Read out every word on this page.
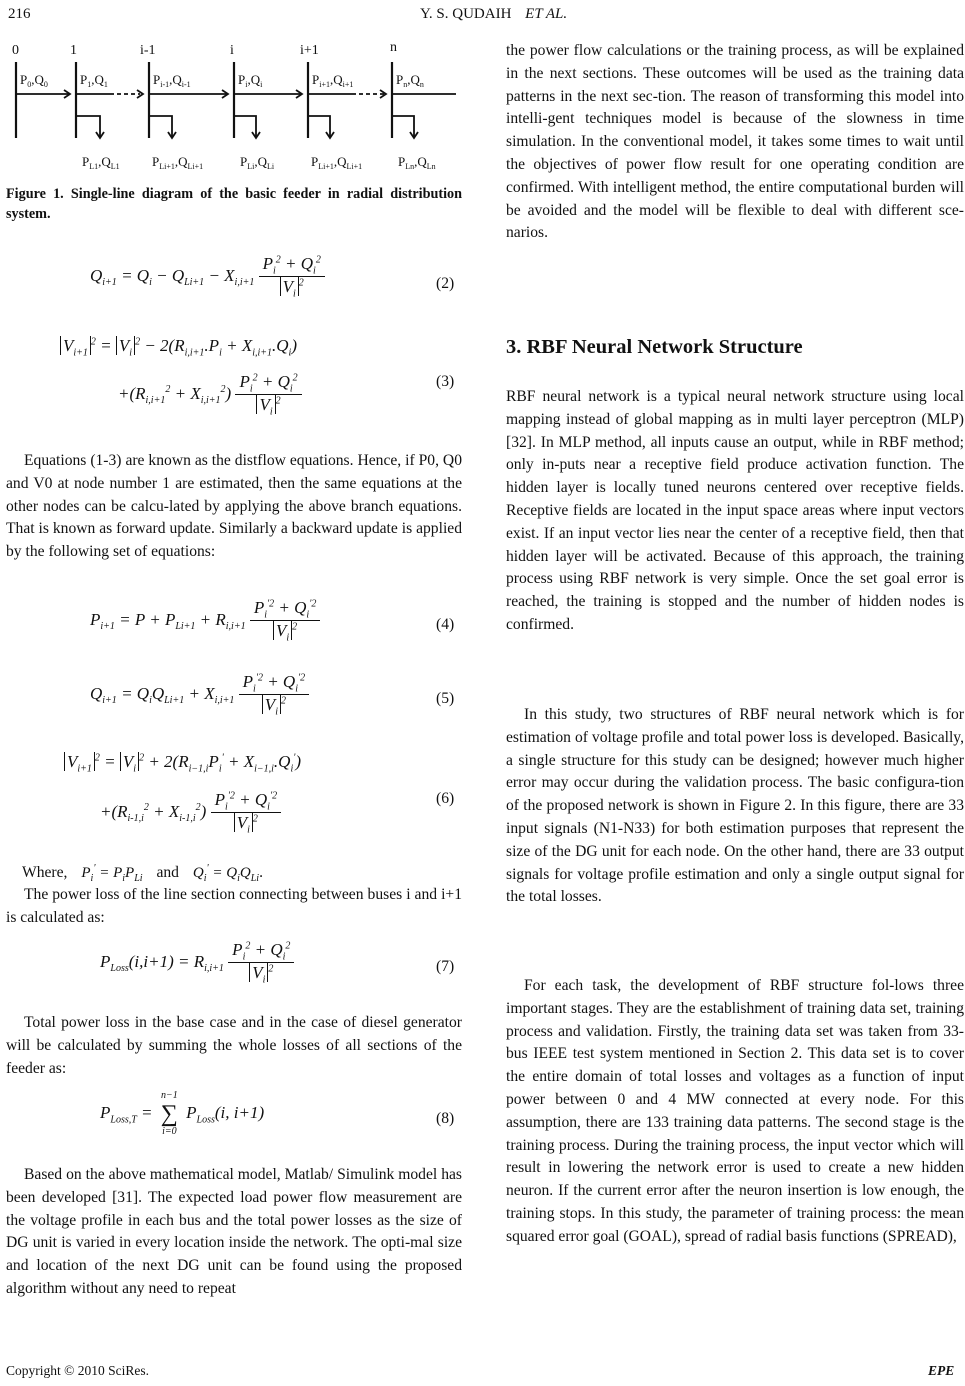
216	Y. S. QUDAIH ET AL.
0	1	i-1	i	i+1	n
$P_0,Q_0$ $P_1,Q_1$	$P_{i-1},Q_{i-1}$	$P_i,Q_i$	$P_{i+1},Q_{i+1}$	$P_n,Q_n$
$P_{L1},Q_{L1}$ $P_{Li+1},Q_{Li+1}$	$P_{Li},Q_{Li}$	$P_{Li+1},Q_{Li+1}$	$P_{Ln},Q_{Ln}$

Figure 1. Single-line diagram of the basic feeder in radial distribution system.

$Q_{i+1} = Q_i - Q_{Li+1} - X_{i,i+1} \frac{P_i^2 + Q_i^2}{V_i^2}$	(2)
$V_{i+1}^2 = V_i^2 - 2(R_{i,i+1}.P_i + X_{i,i+1}.Q_i)$
$+(R_{i,i+1}^2 + X_{i,i+1}^2) \frac{P_i^2 + Q_i^2}{V_i^2}$	(3)

Equations (1-3) are known as the distflow equations. Hence, if P0, Q0 and V0 at node number 1 are estimated, then the same equations at the other nodes can be calcu-lated by applying the above branch equations. That is known as forward update. Similarly a backward update is applied by the following set of equations:

$P_{i+1} = P + P_{Li+1} + R_{i,i+1} \frac{P_i^{'2} + Q_i^{'2}}{V_i^2}$	(4)
$Q_{i+1} = Q_iQ_{Li+1} + X_{i,i+1} \frac{P_i^{'2} + Q_i^{'2}}{V_i^2}$	(5)
$V_{i+1}^2 = V_i^2 + 2(R_{i-1,i}P_i' + X_{i-1,i}.Q_i')$
$+(R_{i-1,i}^2 + X_{i-1,i}^2) \frac{P_i^{'2} + Q_i^{'2}}{V_i^2}$	(6)
Where, $P_i' = P_iP_{Li}$ and $Q_i' = Q_iQ_{Li}$.

The power loss of the line section connecting between buses i and i+1 is calculated as:

$P_{Loss}(i,i+1) = R_{i,i+1} \frac{P_i^2 + Q_i^2}{V_i^2}$	(7)

Total power loss in the base case and in the case of diesel generator will be calculated by summing the whole losses of all sections of the feeder as:

$P_{Loss,T}$ =
n−1
∑
i=0
$P_{Loss}(i$, i+1)	(8)

Based on the above mathematical model, Matlab/ Simulink model has been developed [31]. The expected load power flow measurement are the voltage profile in each bus and the total power losses as the size of DG unit is varied in every location inside the network. The opti-mal size and location of the next DG unit can be found using the proposed algorithm without any need to repeat

the power flow calculations or the training process, as will be explained in the next sections. These outcomes will be used as the training data patterns in the next sec-tion. The reason of transforming this model into intelli-gent techniques model is because of the slowness in time simulation. In the conventional model, it takes some times to wait until the objectives of power flow result for one operating condition are confirmed. With intelligent method, the entire computational burden will be avoided and the model will be flexible to deal with different sce-narios.

3. RBF Neural Network Structure

RBF neural network is a typical neural network structure using local mapping instead of global mapping as in multi layer perceptron (MLP) [32]. In MLP method, all inputs cause an output, while in RBF method; only in-puts near a receptive field produce activation function. The hidden layer is locally tuned neurons centered over receptive fields. Receptive fields are located in the input space areas where input vectors exist. If an input vector lies near the center of a receptive field, then that hidden layer will be activated. Because of this approach, the training process using RBF network is very simple. Once the set goal error is reached, the training is stopped and the number of hidden nodes is confirmed.

In this study, two structures of RBF neural network which is for estimation of voltage profile and total power loss is developed. Basically, a single structure for this study can be designed; however much higher error may occur during the validation process. The basic configura-tion of the proposed network is shown in Figure 2. In this figure, there are 33 input signals (N1-N33) for both estimation purposes that represent the size of the DG unit for each node. On the other hand, there are 33 output signals for voltage profile estimation and only a single output signal for the total losses.

For each task, the development of RBF structure fol-lows three important stages. They are the establishment of training data set, training process and validation. Firstly, the training data set was taken from 33-bus IEEE test system mentioned in Section 2. This data set is to cover the entire domain of total losses and voltages as a function of input power between 0 and 4 MW connected at every node. For this assumption, there are 133 training data patterns. The second stage is the training process. During the training process, the input vector which will result in lowering the network error is used to create a new hidden neuron. If the current error after the neuron insertion is low enough, the training stops. In this study, the parameter of training process: the mean squared error goal (GOAL), spread of radial basis functions (SPREAD),

Copyright © 2010 SciRes.	EPE
